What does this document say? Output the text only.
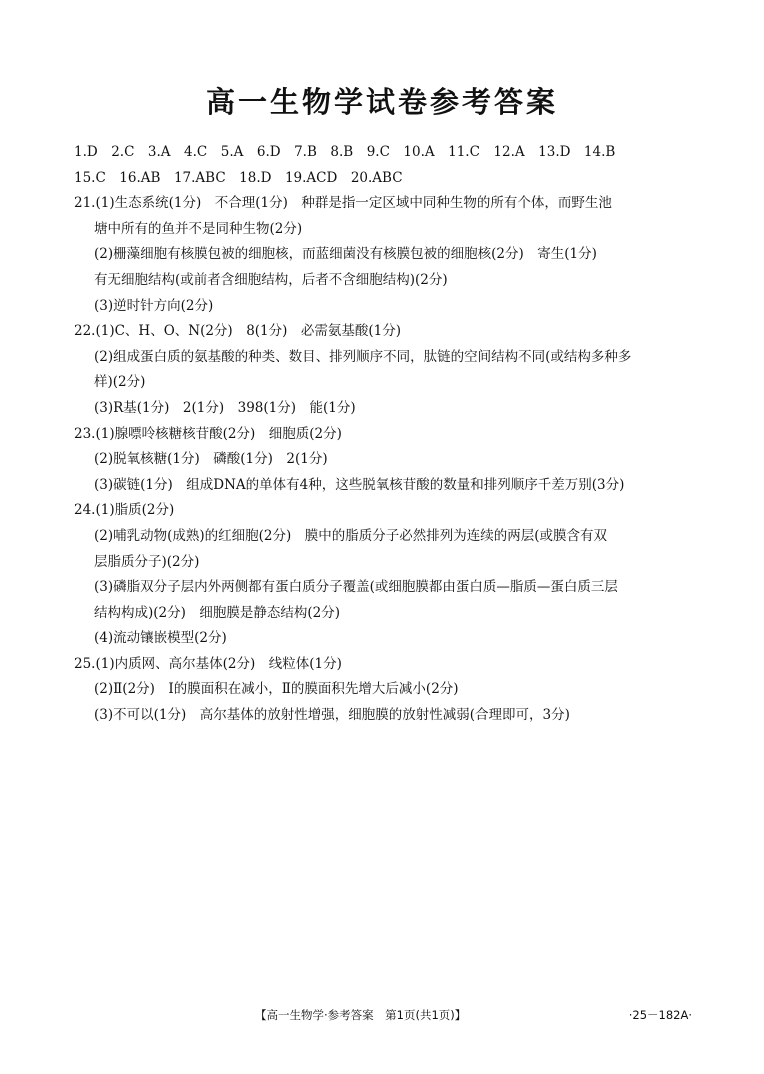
高一生物学试卷参考答案
1.D　2.C　3.A　4.C　5.A　6.D　7.B　8.B　9.C　10.A　11.C　12.A　13.D　14.B
15.C　16.AB　17.ABC　18.D　19.ACD　20.ABC
21.(1)生态系统(1分)　不合理(1分)　种群是指一定区域中同种生物的所有个体，而野生池
塘中所有的鱼并不是同种生物(2分)
(2)栅藻细胞有核膜包被的细胞核，而蓝细菌没有核膜包被的细胞核(2分)　寄生(1分)
有无细胞结构(或前者含细胞结构，后者不含细胞结构)(2分)
(3)逆时针方向(2分)
22.(1)C、H、O、N(2分)　8(1分)　必需氨基酸(1分)
(2)组成蛋白质的氨基酸的种类、数目、排列顺序不同，肽链的空间结构不同(或结构多种多
样)(2分)
(3)R基(1分)　2(1分)　398(1分)　能(1分)
23.(1)腺嘌呤核糖核苷酸(2分)　细胞质(2分)
(2)脱氧核糖(1分)　磷酸(1分)　2(1分)
(3)碳链(1分)　组成DNA的单体有4种，这些脱氧核苷酸的数量和排列顺序千差万别(3分)
24.(1)脂质(2分)
(2)哺乳动物(成熟)的红细胞(2分)　膜中的脂质分子必然排列为连续的两层(或膜含有双
层脂质分子)(2分)
(3)磷脂双分子层内外两侧都有蛋白质分子覆盖(或细胞膜都由蛋白质—脂质—蛋白质三层
结构构成)(2分)　细胞膜是静态结构(2分)
(4)流动镶嵌模型(2分)
25.(1)内质网、高尔基体(2分)　线粒体(1分)
(2)Ⅱ(2分)　Ⅰ的膜面积在减小，Ⅱ的膜面积先增大后减小(2分)
(3)不可以(1分)　高尔基体的放射性增强，细胞膜的放射性减弱(合理即可，3分)
【高一生物学·参考答案　第1页(共1页)】	·25－182A·
